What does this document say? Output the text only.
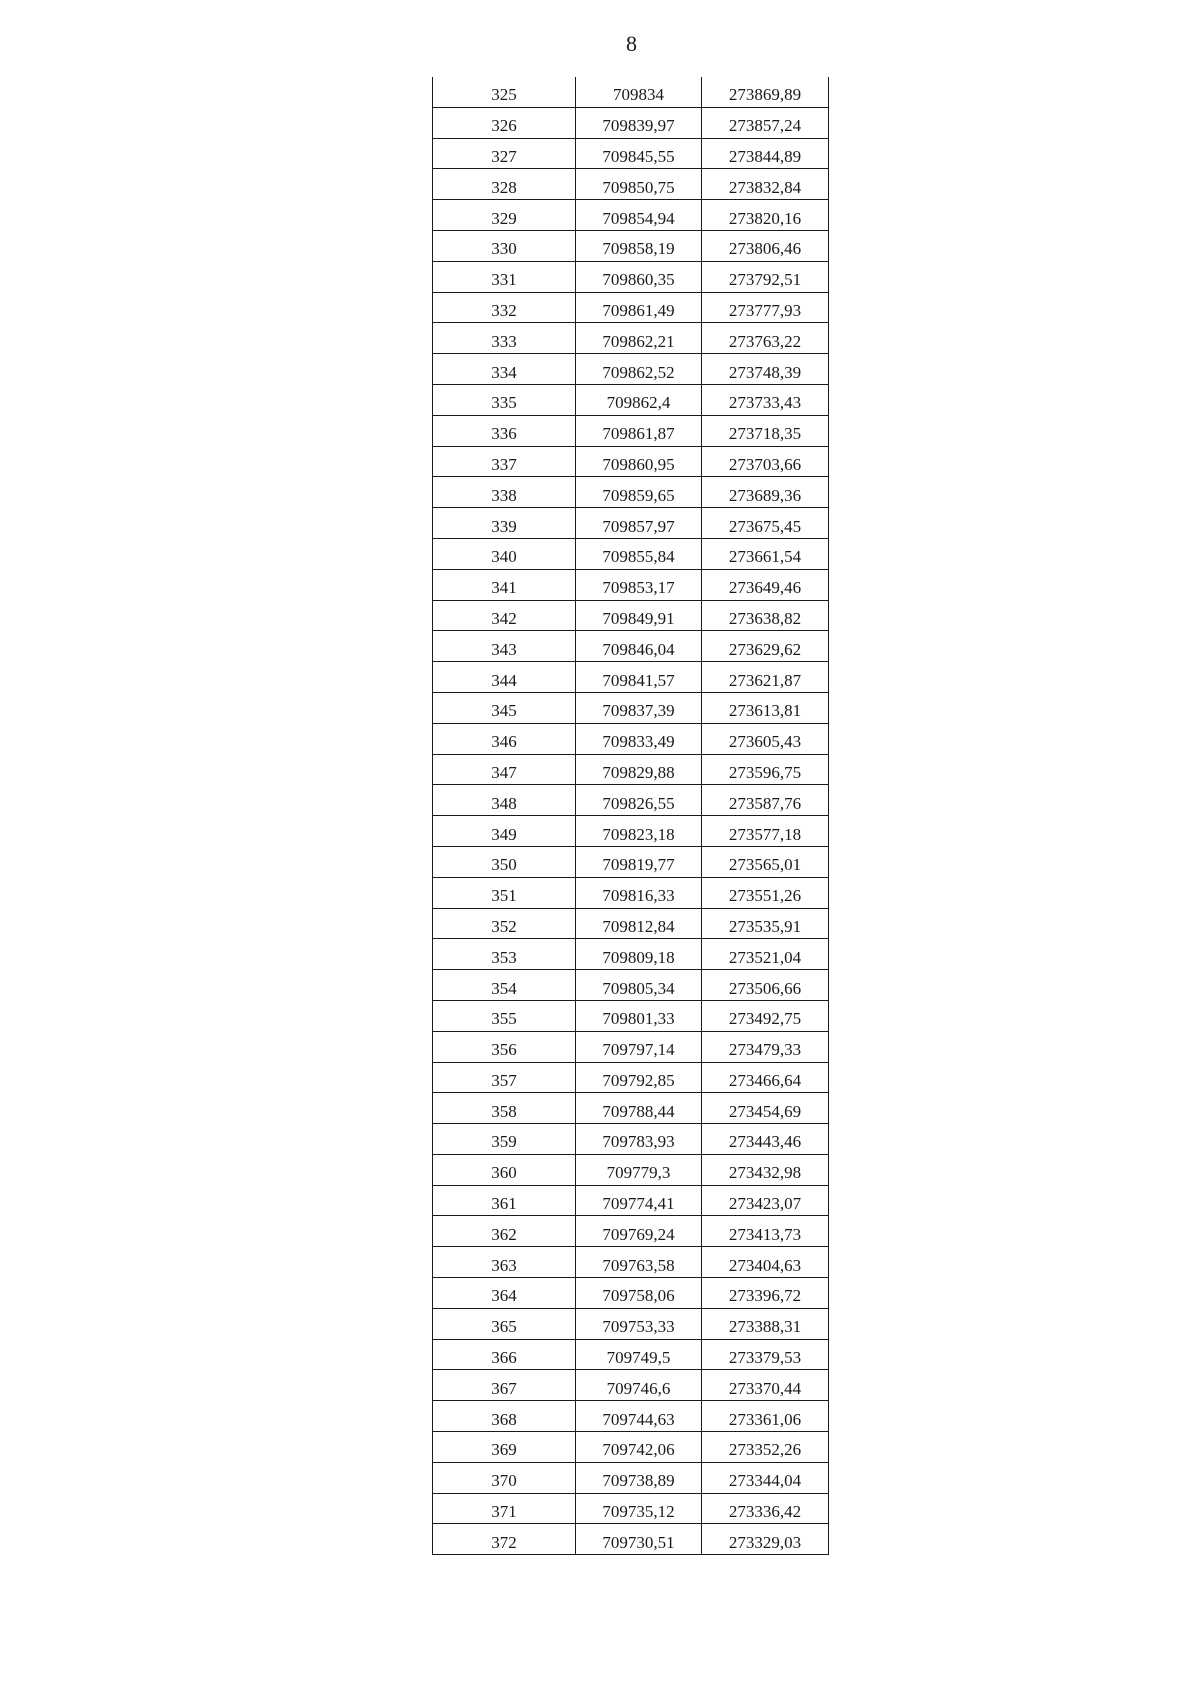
8
325	709834	273869,89
326	709839,97	273857,24
327	709845,55	273844,89
328	709850,75	273832,84
329	709854,94	273820,16
330	709858,19	273806,46
331	709860,35	273792,51
332	709861,49	273777,93
333	709862,21	273763,22
334	709862,52	273748,39
335	709862,4	273733,43
336	709861,87	273718,35
337	709860,95	273703,66
338	709859,65	273689,36
339	709857,97	273675,45
340	709855,84	273661,54
341	709853,17	273649,46
342	709849,91	273638,82
343	709846,04	273629,62
344	709841,57	273621,87
345	709837,39	273613,81
346	709833,49	273605,43
347	709829,88	273596,75
348	709826,55	273587,76
349	709823,18	273577,18
350	709819,77	273565,01
351	709816,33	273551,26
352	709812,84	273535,91
353	709809,18	273521,04
354	709805,34	273506,66
355	709801,33	273492,75
356	709797,14	273479,33
357	709792,85	273466,64
358	709788,44	273454,69
359	709783,93	273443,46
360	709779,3	273432,98
361	709774,41	273423,07
362	709769,24	273413,73
363	709763,58	273404,63
364	709758,06	273396,72
365	709753,33	273388,31
366	709749,5	273379,53
367	709746,6	273370,44
368	709744,63	273361,06
369	709742,06	273352,26
370	709738,89	273344,04
371	709735,12	273336,42
372	709730,51	273329,03
